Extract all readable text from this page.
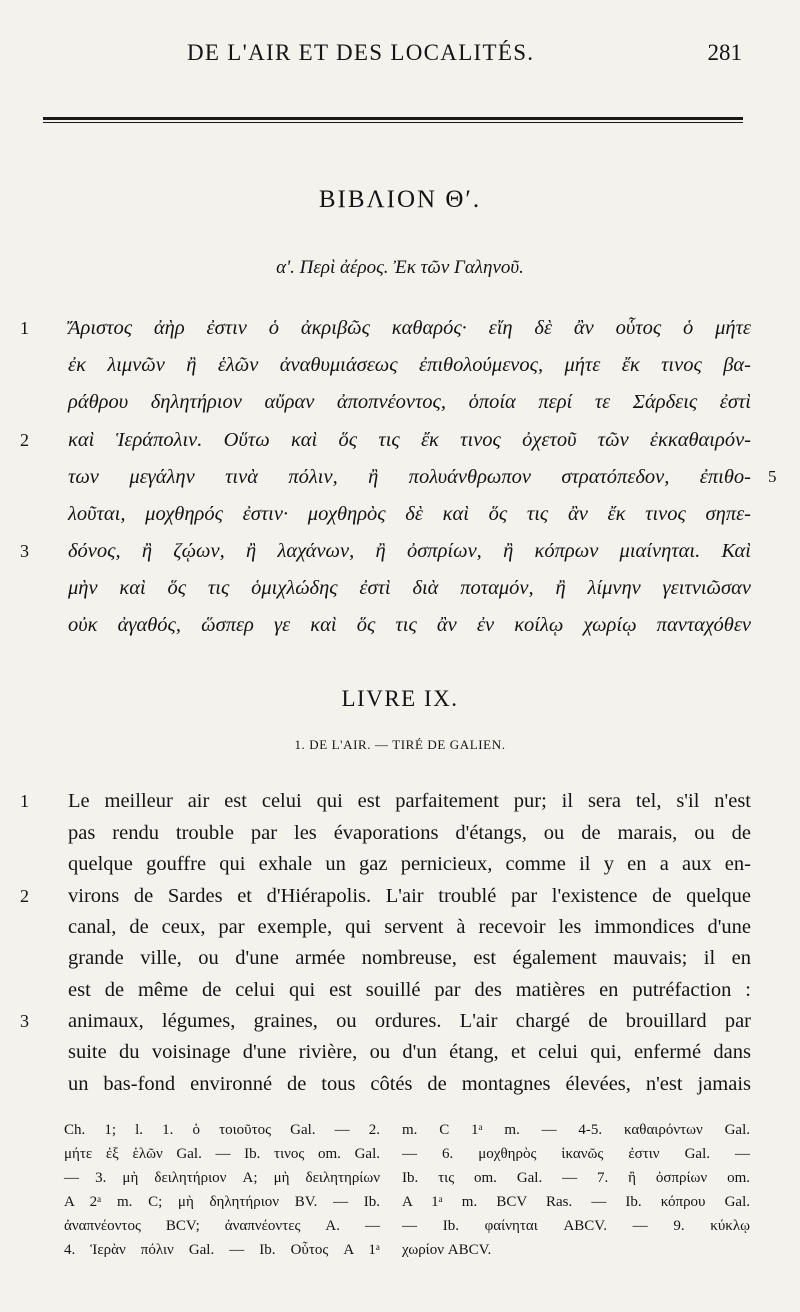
DE L'AIR ET DES LOCALITÉS.	281
ΒΙΒΛΙΟΝ Θʹ.
αʹ. Περὶ ἀέρος. Ἐκ τῶν Γαληνοῦ.
1
2
3
5
Ἄριστος ἀὴρ ἐστιν ὁ ἀκριβῶς καθαρός· εἴη δὲ ἂν οὗτος ὁ μήτε
ἐκ λιμνῶν ἢ ἑλῶν ἀναθυμιάσεως ἐπιθολούμενος, μήτε ἔκ τινος βα-
ράθρου δηλητήριον αὔραν ἀποπνέοντος, ὁποία περί τε Σάρδεις ἐστὶ
καὶ Ἱεράπολιν. Οὕτω καὶ ὅς τις ἔκ τινος ὀχετοῦ τῶν ἐκκαθαιρόν-
των μεγάλην τινὰ πόλιν, ἢ πολυάνθρωπον στρατόπεδον, ἐπιθο-
λοῦται, μοχθηρός ἐστιν· μοχθηρὸς δὲ καὶ ὅς τις ἂν ἔκ τινος σηπε-
δόνος, ἢ ζῴων, ἢ λαχάνων, ἢ ὀσπρίων, ἢ κόπρων μιαίνηται. Καὶ
μὴν καὶ ὅς τις ὁμιχλώδης ἐστὶ διὰ ποταμόν, ἢ λίμνην γειτνιῶσαν
οὐκ ἀγαθός, ὥσπερ γε καὶ ὅς τις ἂν ἐν κοίλῳ χωρίῳ πανταχόθεν
LIVRE IX.
1. DE L'AIR. — TIRÉ DE GALIEN.
1
2
3
Le meilleur air est celui qui est parfaitement pur; il sera tel, s'il n'est
pas rendu trouble par les évaporations d'étangs, ou de marais, ou de
quelque gouffre qui exhale un gaz pernicieux, comme il y en a aux en-
virons de Sardes et d'Hiérapolis. L'air troublé par l'existence de quelque
canal, de ceux, par exemple, qui servent à recevoir les immondices d'une
grande ville, ou d'une armée nombreuse, est également mauvais; il en
est de même de celui qui est souillé par des matières en putréfaction :
animaux, légumes, graines, ou ordures. L'air chargé de brouillard par
suite du voisinage d'une rivière, ou d'un étang, et celui qui, enfermé dans
un bas-fond environné de tous côtés de montagnes élevées, n'est jamais
Ch. 1; l. 1. ὁ τοιοῦτος Gal. — 2.
μήτε ἐξ ἑλῶν Gal. — Ib. τινος om. Gal.
— 3. μὴ δειλητήριον A; μὴ δειλητηρίων
A 2ᵃ m. C; μὴ δηλητήριον BV. — Ib.
ἀναπνέοντος BCV; ἀναπνέοντες A. —
4. Ἱερὰν πόλιν Gal. — Ib. Οὗτος A 1ᵃ
m. C 1ᵃ m. — 4-5. καθαιρόντων Gal.
— 6. μοχθηρὸς ἱκανῶς ἐστιν Gal. —
Ib. τις om. Gal. — 7. ἢ ὀσπρίων om.
A 1ᵃ m. BCV Ras. — Ib. κόπρου Gal.
— Ib. φαίνηται ABCV. — 9. κύκλῳ
χωρίον ABCV.
